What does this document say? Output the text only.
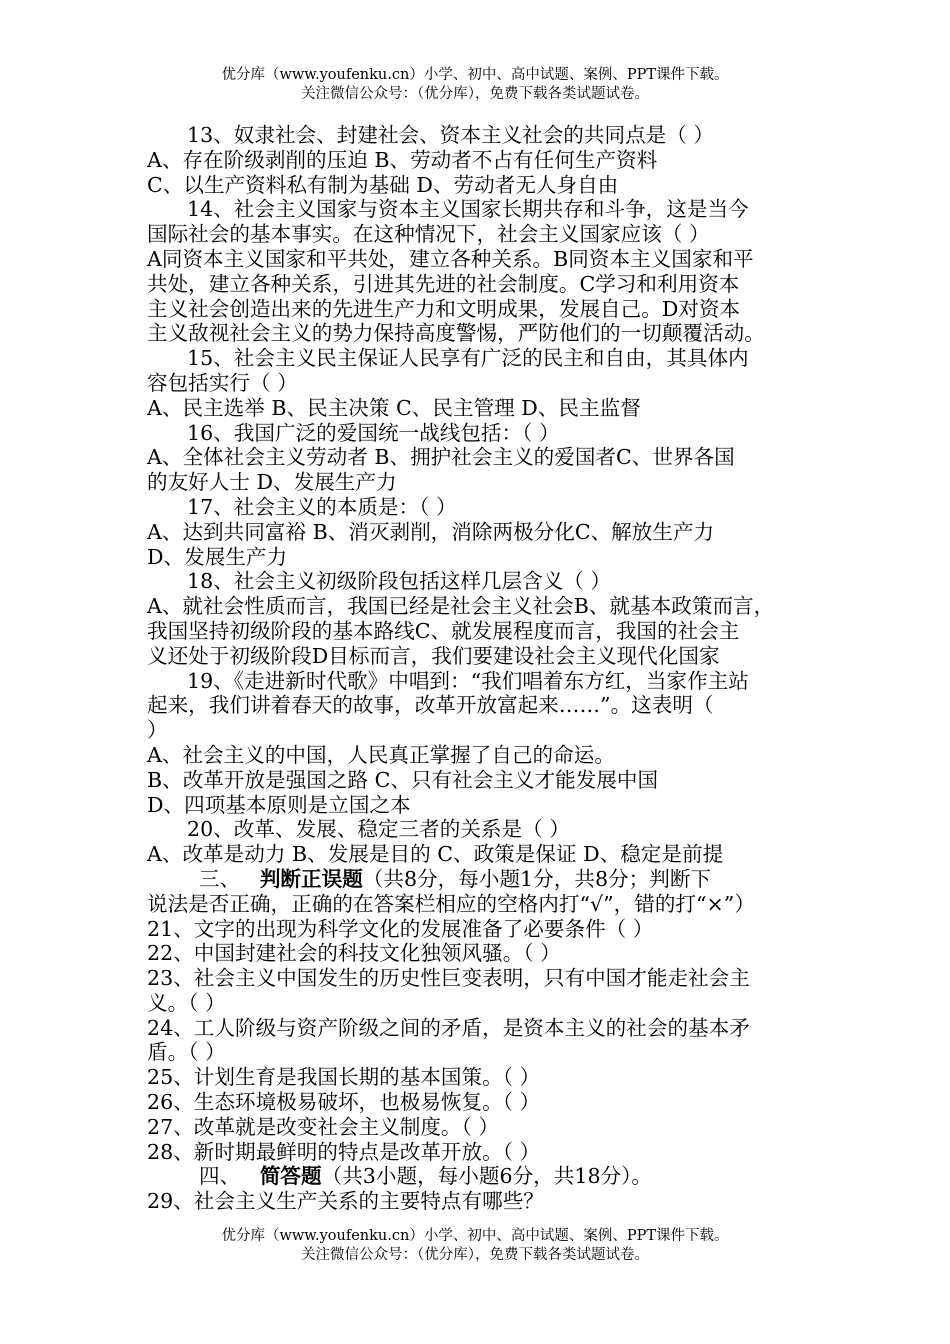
优分库（www.youfenku.cn）小学、初中、高中试题、案例、PPT课件下载。
关注微信公众号：（优分库），免费下载各类试题试卷。
13、奴隶社会、封建社会、资本主义社会的共同点是（ ）
A、存在阶级剥削的压迫 B、劳动者不占有任何生产资料
C、以生产资料私有制为基础 D、劳动者无人身自由
14、社会主义国家与资本主义国家长期共存和斗争，这是当今
国际社会的基本事实。在这种情况下，社会主义国家应该（ ）
A同资本主义国家和平共处，建立各种关系。B同资本主义国家和平
共处，建立各种关系，引进其先进的社会制度。C学习和利用资本
主义社会创造出来的先进生产力和文明成果，发展自己。D对资本
主义敌视社会主义的势力保持高度警惕，严防他们的一切颠覆活动。
15、社会主义民主保证人民享有广泛的民主和自由，其具体内
容包括实行（ ）
A、民主选举 B、民主决策 C、民主管理 D、民主监督
16、我国广泛的爱国统一战线包括：（ ）
A、全体社会主义劳动者 B、拥护社会主义的爱国者C、世界各国
的友好人士 D、发展生产力
17、社会主义的本质是：（ ）
A、达到共同富裕 B、消灭剥削，消除两极分化C、解放生产力
D、发展生产力
18、社会主义初级阶段包括这样几层含义（ ）
A、就社会性质而言，我国已经是社会主义社会B、就基本政策而言，
我国坚持初级阶段的基本路线C、就发展程度而言，我国的社会主
义还处于初级阶段D目标而言，我们要建设社会主义现代化国家
19、《走进新时代歌》中唱到：“我们唱着东方红，当家作主站
起来，我们讲着春天的故事，改革开放富起来……”。这表明（
）
A、社会主义的中国，人民真正掌握了自己的命运。
B、改革开放是强国之路 C、只有社会主义才能发展中国
D、四项基本原则是立国之本
20、改革、发展、稳定三者的关系是（ ）
A、改革是动力 B、发展是目的 C、政策是保证 D、稳定是前提
三、 判断正误题（共8分，每小题1分，共8分；判断下
说法是否正确，正确的在答案栏相应的空格内打“√”，错的打“×”）
21、文字的出现为科学文化的发展准备了必要条件（ ）
22、中国封建社会的科技文化独领风骚。（ ）
23、社会主义中国发生的历史性巨变表明，只有中国才能走社会主
义。（ ）
24、工人阶级与资产阶级之间的矛盾，是资本主义的社会的基本矛
盾。（ ）
25、计划生育是我国长期的基本国策。（ ）
26、生态环境极易破坏，也极易恢复。（ ）
27、改革就是改变社会主义制度。（ ）
28、新时期最鲜明的特点是改革开放。（ ）
四、 简答题（共3小题，每小题6分，共18分）。
29、社会主义生产关系的主要特点有哪些？
优分库（www.youfenku.cn）小学、初中、高中试题、案例、PPT课件下载。
关注微信公众号：（优分库），免费下载各类试题试卷。
